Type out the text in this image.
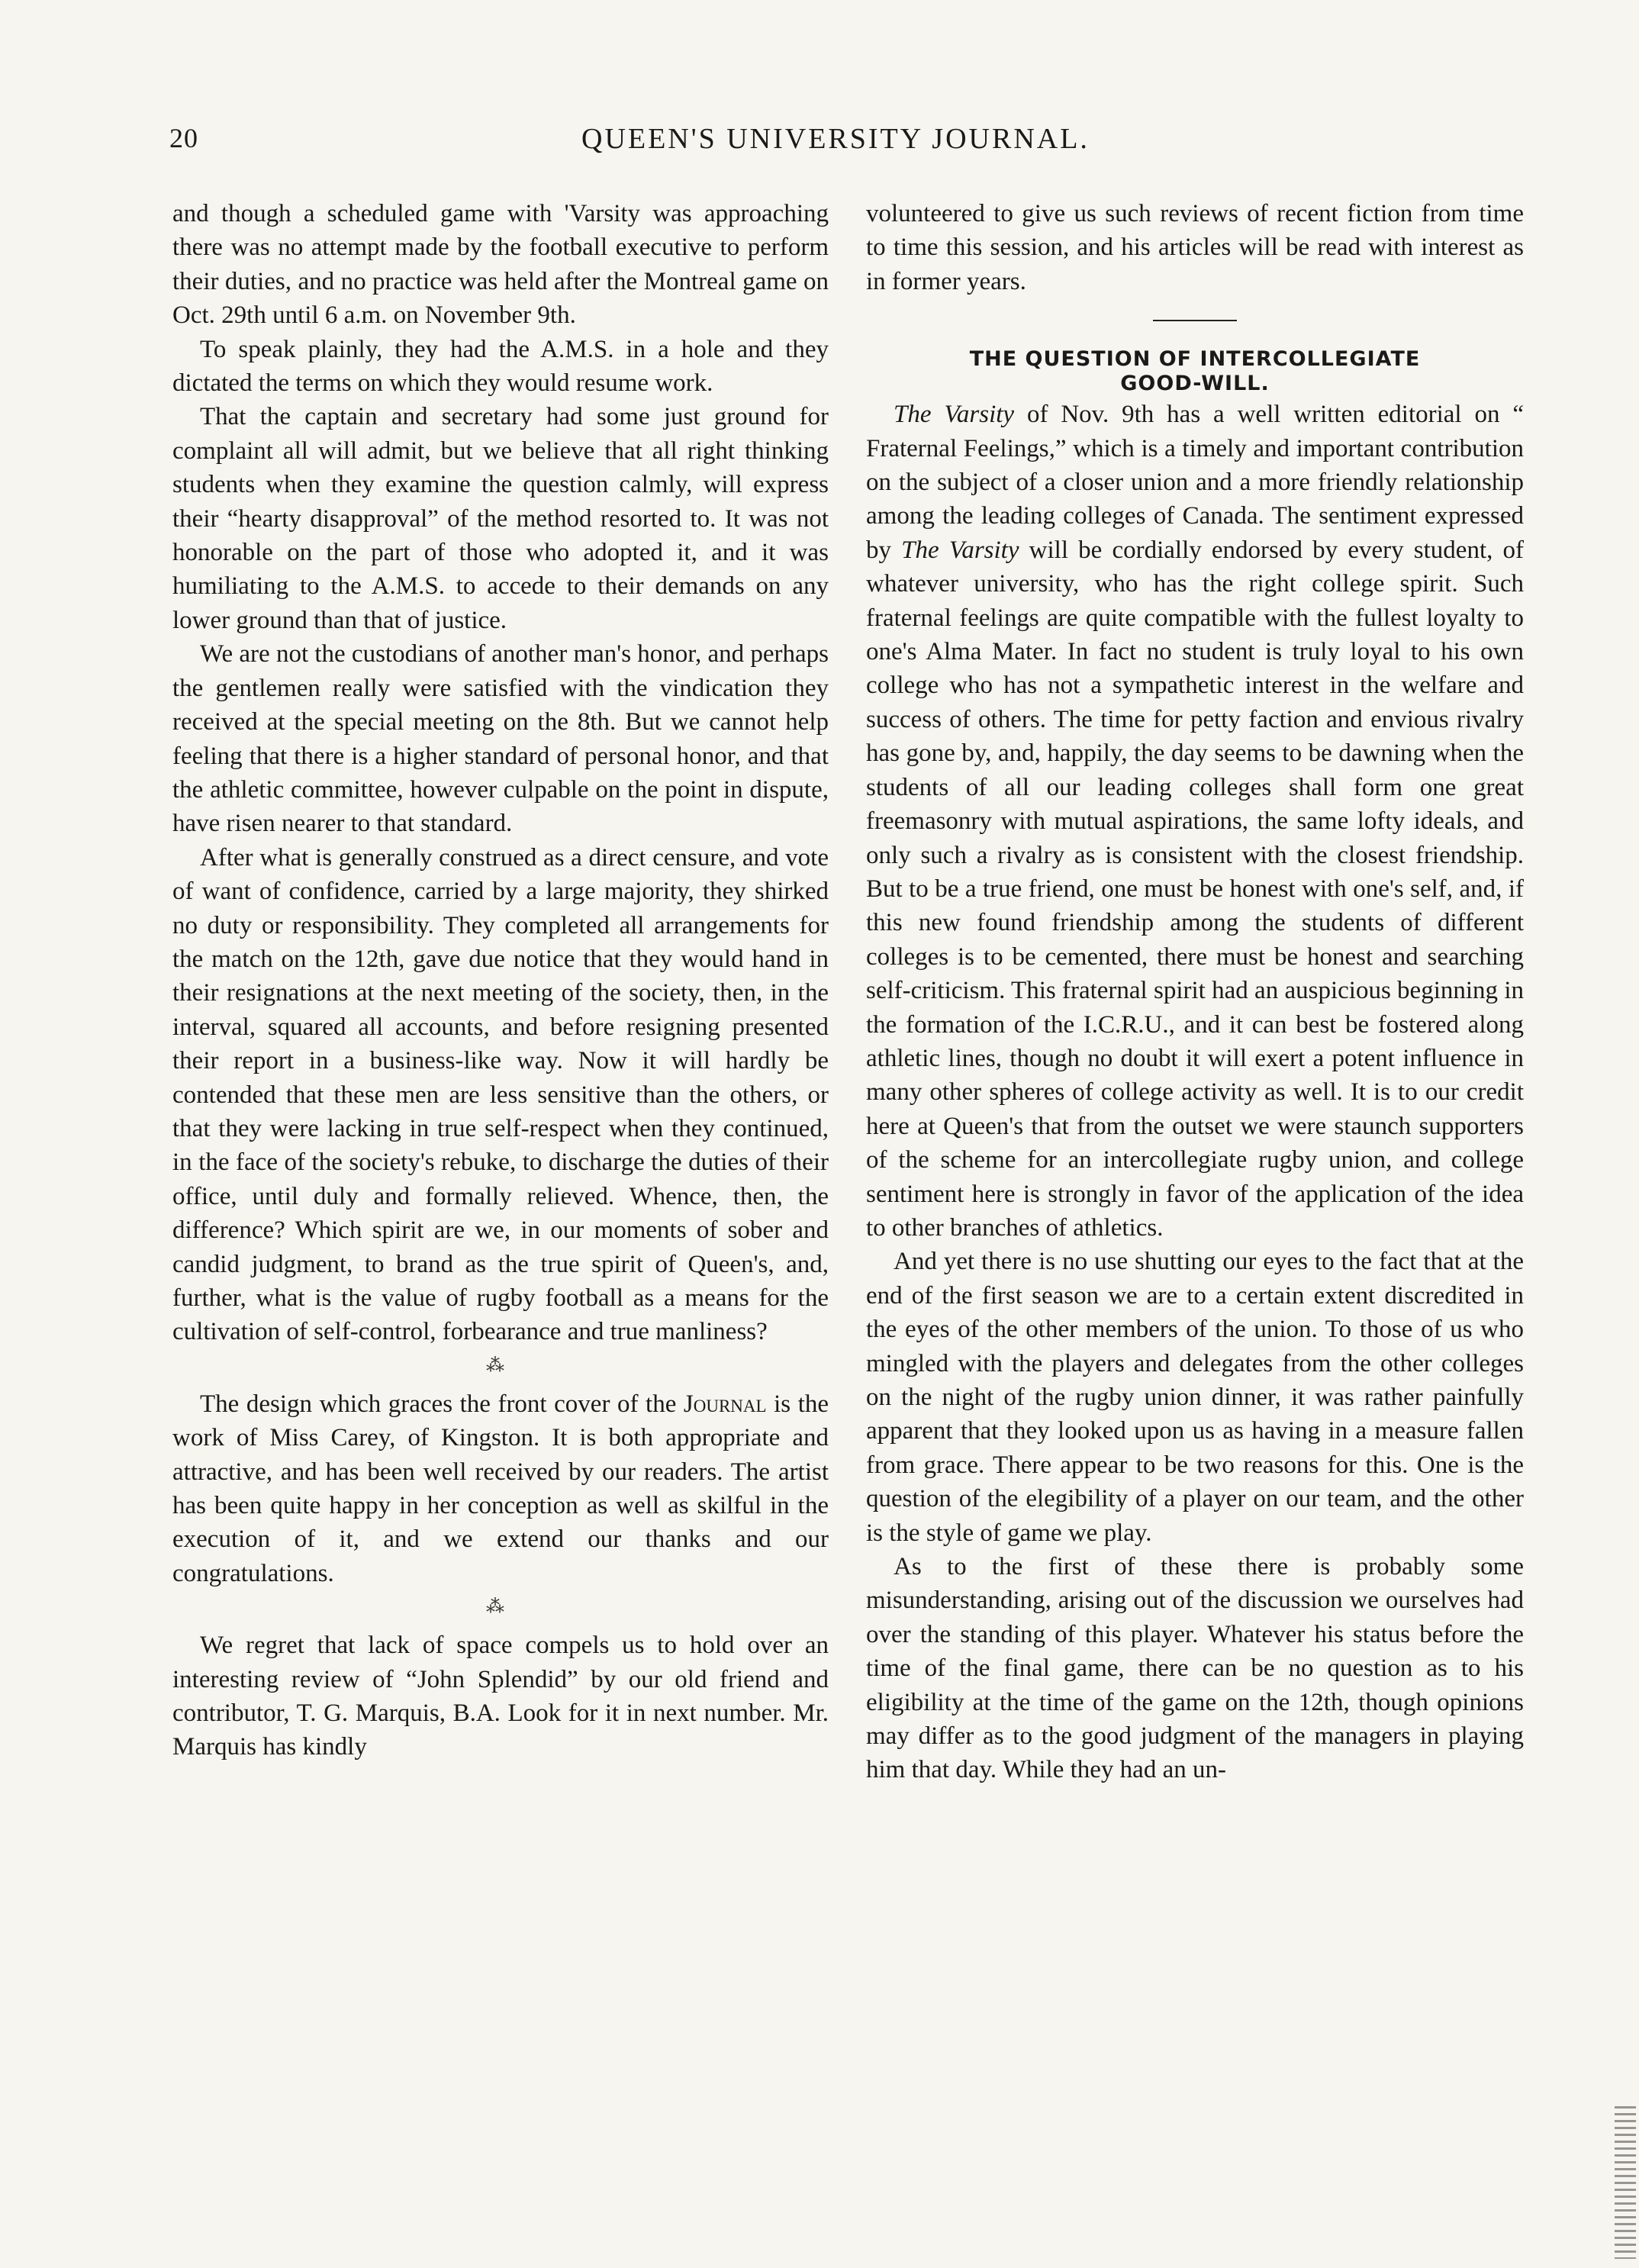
20	QUEEN'S UNIVERSITY JOURNAL.

and though a scheduled game with 'Varsity was approaching there was no attempt made by the football executive to perform their duties, and no practice was held after the Montreal game on Oct. 29th until 6 a.m. on November 9th.

To speak plainly, they had the A.M.S. in a hole and they dictated the terms on which they would resume work.

That the captain and secretary had some just ground for complaint all will admit, but we believe that all right thinking students when they examine the question calmly, will express their “hearty disapproval” of the method resorted to. It was not honorable on the part of those who adopted it, and it was humiliating to the A.M.S. to accede to their demands on any lower ground than that of justice.

We are not the custodians of another man's honor, and perhaps the gentlemen really were satisfied with the vindication they received at the special meeting on the 8th. But we cannot help feeling that there is a higher standard of personal honor, and that the athletic committee, however culpable on the point in dispute, have risen nearer to that standard.

After what is generally construed as a direct censure, and vote of want of confidence, carried by a large majority, they shirked no duty or responsibility. They completed all arrangements for the match on the 12th, gave due notice that they would hand in their resignations at the next meeting of the society, then, in the interval, squared all accounts, and before resigning presented their report in a business-like way. Now it will hardly be contended that these men are less sensitive than the others, or that they were lacking in true self-respect when they continued, in the face of the society's rebuke, to discharge the duties of their office, until duly and formally relieved. Whence, then, the difference? Which spirit are we, in our moments of sober and candid judgment, to brand as the true spirit of Queen's, and, further, what is the value of rugby football as a means for the cultivation of self-control, forbearance and true manliness?

⁂

The design which graces the front cover of the Journal is the work of Miss Carey, of Kingston. It is both appropriate and attractive, and has been well received by our readers. The artist has been quite happy in her conception as well as skilful in the execution of it, and we extend our thanks and our congratulations.

⁂

We regret that lack of space compels us to hold over an interesting review of “John Splendid” by our old friend and contributor, T. G. Marquis, B.A. Look for it in next number. Mr. Marquis has kindly

volunteered to give us such reviews of recent fiction from time to time this session, and his articles will be read with interest as in former years.

THE QUESTION OF INTERCOLLEGIATE
GOOD-WILL.

The Varsity of Nov. 9th has a well written editorial on “ Fraternal Feelings,” which is a timely and important contribution on the subject of a closer union and a more friendly relationship among the leading colleges of Canada. The sentiment expressed by The Varsity will be cordially endorsed by every student, of whatever university, who has the right college spirit. Such fraternal feelings are quite compatible with the fullest loyalty to one's Alma Mater. In fact no student is truly loyal to his own college who has not a sympathetic interest in the welfare and success of others. The time for petty faction and envious rivalry has gone by, and, happily, the day seems to be dawning when the students of all our leading colleges shall form one great freemasonry with mutual aspirations, the same lofty ideals, and only such a rivalry as is consistent with the closest friendship. But to be a true friend, one must be honest with one's self, and, if this new found friendship among the students of different colleges is to be cemented, there must be honest and searching self-criticism. This fraternal spirit had an auspicious beginning in the formation of the I.C.R.U., and it can best be fostered along athletic lines, though no doubt it will exert a potent influence in many other spheres of college activity as well. It is to our credit here at Queen's that from the outset we were staunch supporters of the scheme for an intercollegiate rugby union, and college sentiment here is strongly in favor of the application of the idea to other branches of athletics.

And yet there is no use shutting our eyes to the fact that at the end of the first season we are to a certain extent discredited in the eyes of the other members of the union. To those of us who mingled with the players and delegates from the other colleges on the night of the rugby union dinner, it was rather painfully apparent that they looked upon us as having in a measure fallen from grace. There appear to be two reasons for this. One is the question of the elegibility of a player on our team, and the other is the style of game we play.

As to the first of these there is probably some misunderstanding, arising out of the discussion we ourselves had over the standing of this player. Whatever his status before the time of the final game, there can be no question as to his eligibility at the time of the game on the 12th, though opinions may differ as to the good judgment of the managers in playing him that day. While they had an un-
